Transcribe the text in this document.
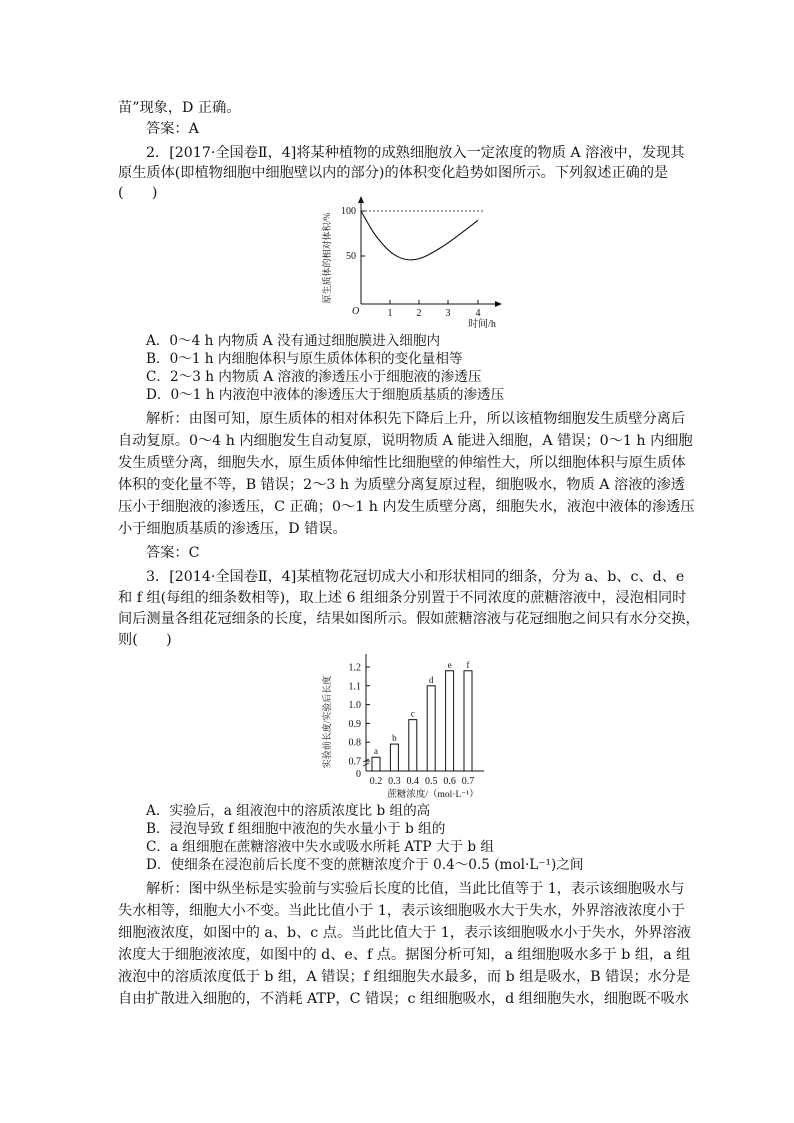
苗”现象，D 正确。
答案：A
2．[2017·全国卷Ⅱ，4]将某种植物的成熟细胞放入一定浓度的物质 A 溶液中，发现其
原生质体(即植物细胞中细胞壁以内的部分)的体积变化趋势如图所示。下列叙述正确的是
(　　)
原生质体的相对体积/%
100
50
1 2 3	4
O
时间/h
A．0～4 h 内物质 A 没有通过细胞膜进入细胞内
B．0～1 h 内细胞体积与原生质体体积的变化量相等
C．2～3 h 内物质 A 溶液的渗透压小于细胞液的渗透压
D．0～1 h 内液泡中液体的渗透压大于细胞质基质的渗透压
解析：由图可知，原生质体的相对体积先下降后上升，所以该植物细胞发生质壁分离后
自动复原。0～4 h 内细胞发生自动复原，说明物质 A 能进入细胞，A 错误；0～1 h 内细胞
发生质壁分离，细胞失水，原生质体伸缩性比细胞壁的伸缩性大，所以细胞体积与原生质体
体积的变化量不等，B 错误；2～3 h 为质壁分离复原过程，细胞吸水，物质 A 溶液的渗透
压小于细胞液的渗透压，C 正确；0～1 h 内发生质壁分离，细胞失水，液泡中液体的渗透压
小于细胞质基质的渗透压，D 错误。
答案：C
3．[2014·全国卷Ⅱ，4]某植物花冠切成大小和形状相同的细条，分为 a、b、c、d、e
和 f 组(每组的细条数相等)，取上述 6 组细条分别置于不同浓度的蔗糖溶液中，浸泡相同时
间后测量各组花冠细条的长度，结果如图所示。假如蔗糖溶液与花冠细胞之间只有水分交换，
则(　　)
实验前长度/实验后长度
0
蔗糖浓度/（mol·L⁻¹）
0.7
0.8
0.9
1.0
1.1
1.2
a
0.2
b
0.3
c
0.4
d
0.5
e
0.6
f
0.7
A．实验后，a 组液泡中的溶质浓度比 b 组的高
B．浸泡导致 f 组细胞中液泡的失水量小于 b 组的
C．a 组细胞在蔗糖溶液中失水或吸水所耗 ATP 大于 b 组
D．使细条在浸泡前后长度不变的蔗糖浓度介于 0.4～0.5 (mol·L⁻¹)之间
解析：图中纵坐标是实验前与实验后长度的比值，当此比值等于 1，表示该细胞吸水与
失水相等，细胞大小不变。当此比值小于 1，表示该细胞吸水大于失水，外界溶液浓度小于
细胞液浓度，如图中的 a、b、c 点。当此比值大于 1，表示该细胞吸水小于失水，外界溶液
浓度大于细胞液浓度，如图中的 d、e、f 点。据图分析可知，a 组细胞吸水多于 b 组，a 组
液泡中的溶质浓度低于 b 组，A 错误；f 组细胞失水最多，而 b 组是吸水，B 错误；水分是
自由扩散进入细胞的，不消耗 ATP，C 错误；c 组细胞吸水，d 组细胞失水，细胞既不吸水
